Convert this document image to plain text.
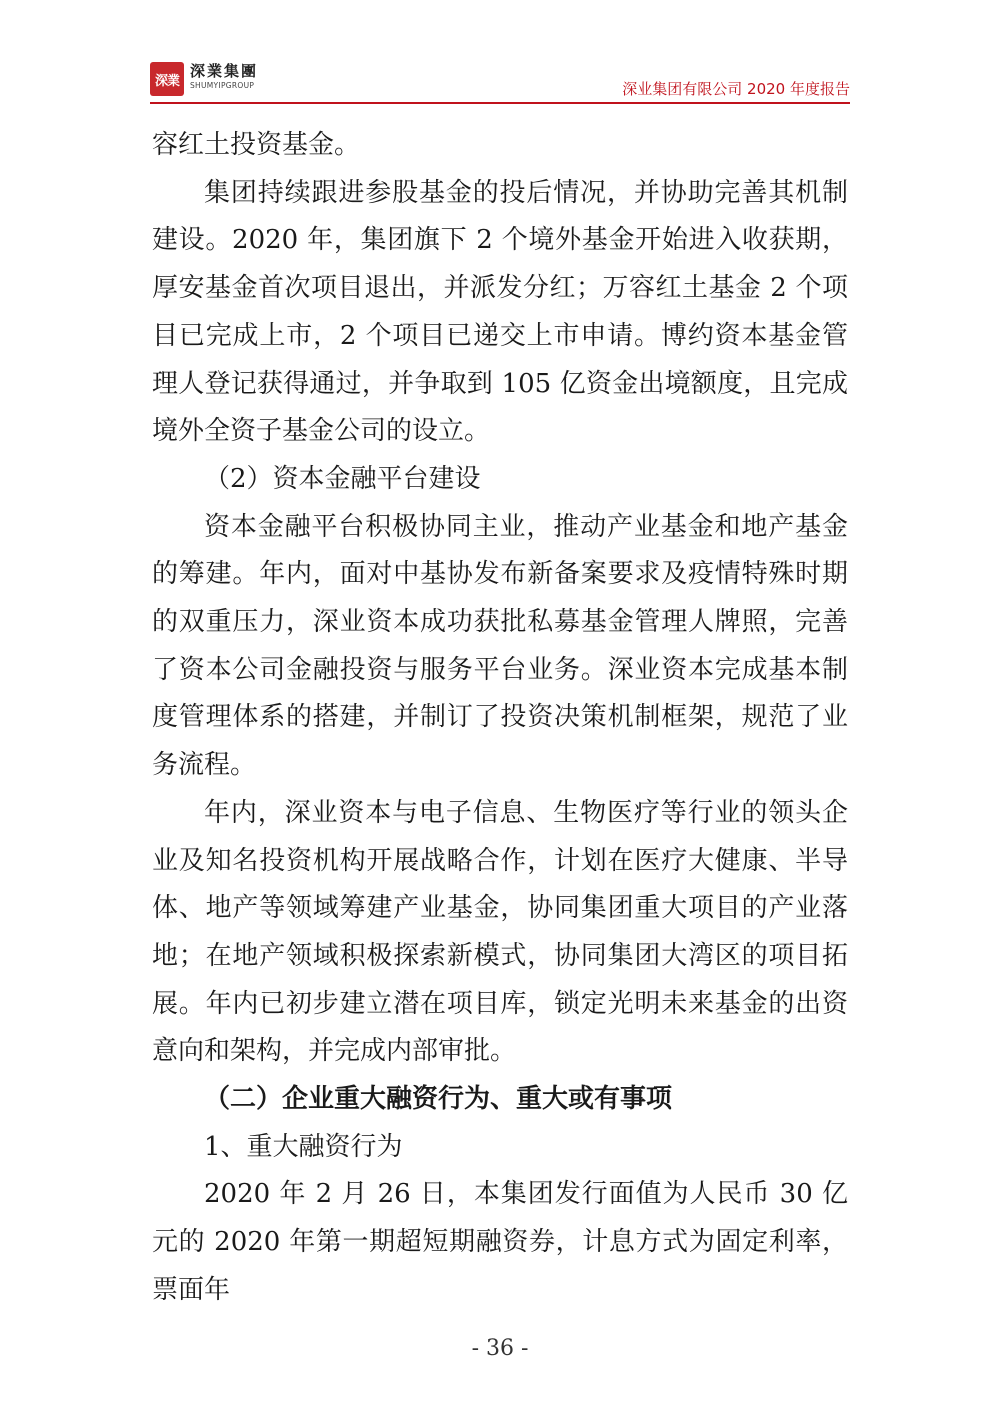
深業
深業集團
SHUMYIPGROUP	深业集团有限公司 2020 年度报告

容红土投资基金。

集团持续跟进参股基金的投后情况，并协助完善其机制建设。2020 年，集团旗下 2 个境外基金开始进入收获期，厚安基金首次项目退出，并派发分红；万容红土基金 2 个项目已完成上市，2 个项目已递交上市申请。博约资本基金管理人登记获得通过，并争取到 105 亿资金出境额度，且完成境外全资子基金公司的设立。

（2）资本金融平台建设

资本金融平台积极协同主业，推动产业基金和地产基金的筹建。年内，面对中基协发布新备案要求及疫情特殊时期的双重压力，深业资本成功获批私募基金管理人牌照，完善了资本公司金融投资与服务平台业务。深业资本完成基本制度管理体系的搭建，并制订了投资决策机制框架，规范了业务流程。

年内，深业资本与电子信息、生物医疗等行业的领头企业及知名投资机构开展战略合作，计划在医疗大健康、半导体、地产等领域筹建产业基金，协同集团重大项目的产业落地；在地产领域积极探索新模式，协同集团大湾区的项目拓展。年内已初步建立潜在项目库，锁定光明未来基金的出资意向和架构，并完成内部审批。

（二）企业重大融资行为、重大或有事项

1、重大融资行为

2020 年 2 月 26 日，本集团发行面值为人民币 30 亿元的 2020 年第一期超短期融资券，计息方式为固定利率，票面年

- 36 -
